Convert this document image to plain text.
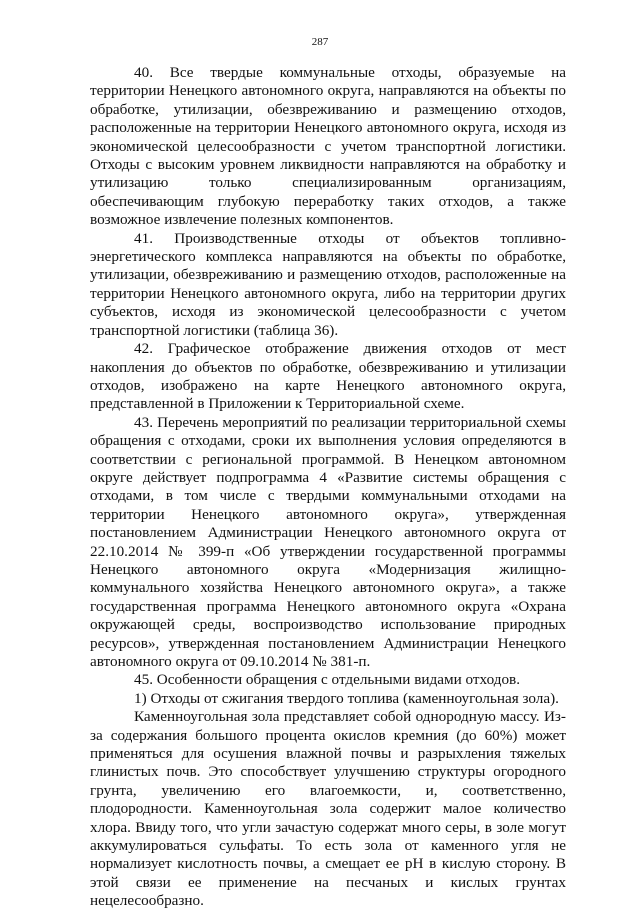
287

40. Все твердые коммунальные отходы, образуемые на территории Ненецкого автономного округа, направляются на объекты по обработке, утилизации, обезвреживанию и размещению отходов, расположенные на территории Ненецкого автономного округа, исходя из экономической целесообразности с учетом транспортной логистики. Отходы с высоким уровнем ликвидности направляются на обработку и утилизацию только специализированным организациям, обеспечивающим глубокую переработку таких отходов, а также возможное извлечение полезных компонентов.

41. Производственные отходы от объектов топливно-энергетического комплекса направляются на объекты по обработке, утилизации, обезвреживанию и размещению отходов, расположенные на территории Ненецкого автономного округа, либо на территории других субъектов, исходя из экономической целесообразности с учетом транспортной логистики (таблица 36).

42. Графическое отображение движения отходов от мест накопления до объектов по обработке, обезвреживанию и утилизации отходов, изображено на карте Ненецкого автономного округа, представленной в Приложении к Территориальной схеме.

43. Перечень мероприятий по реализации территориальной схемы обращения с отходами, сроки их выполнения условия определяются в соответствии с региональной программой. В Ненецком автономном округе действует подпрограмма 4 «Развитие системы обращения с отходами, в том числе с твердыми коммунальными отходами на территории Ненецкого автономного округа», утвержденная постановлением Администрации Ненецкого автономного округа от 22.10.2014 № 399-п «Об утверждении государственной программы Ненецкого автономного округа «Модернизация жилищно-коммунального хозяйства Ненецкого автономного округа», а также государственная программа Ненецкого автономного округа «Охрана окружающей среды, воспроизводство использование природных ресурсов», утвержденная постановлением Администрации Ненецкого автономного округа от 09.10.2014 № 381-п.

45. Особенности обращения с отдельными видами отходов.

1) Отходы от сжигания твердого топлива (каменноугольная зола).

Каменноугольная зола представляет собой однородную массу. Из-за содержания большого процента окислов кремния (до 60%) может применяться для осушения влажной почвы и разрыхления тяжелых глинистых почв. Это способствует улучшению структуры огородного грунта, увеличению его влагоемкости, и, соответственно, плодородности. Каменноугольная зола содержит малое количество хлора. Ввиду того, что угли зачастую содержат много серы, в золе могут аккумулироваться сульфаты. То есть зола от каменного угля не нормализует кислотность почвы, а смещает ее pH в кислую сторону. В этой связи ее применение на песчаных и кислых грунтах нецелесообразно.
